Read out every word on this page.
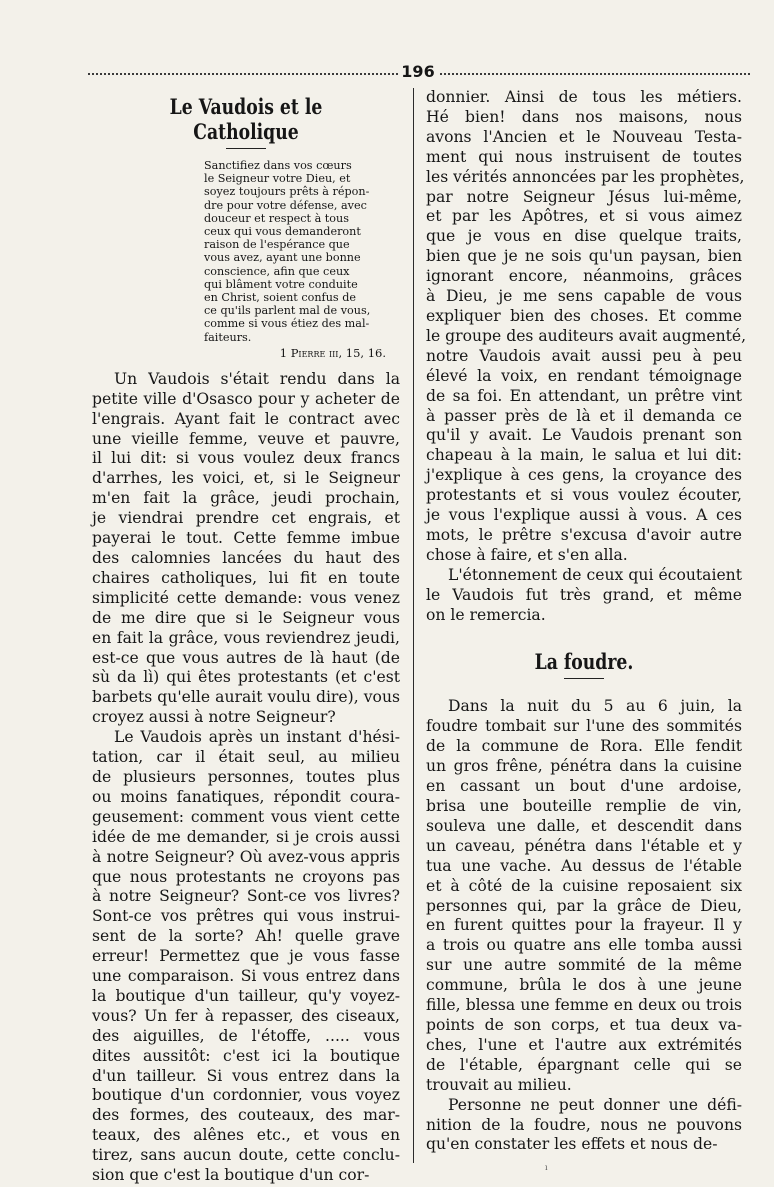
196
Le Vaudois et le Catholique
Sanctifiez dans vos cœurs
le Seigneur votre Dieu, et
soyez toujours prêts à répon-
dre pour votre défense, avec
douceur et respect à tous
ceux qui vous demanderont
raison de l'espérance que
vous avez, ayant une bonne
conscience, afin que ceux
qui blâment votre conduite
en Christ, soient confus de
ce qu'ils parlent mal de vous,
comme si vous étiez des mal-
faiteurs.
1 Pierre iii, 15, 16.
Un Vaudois s'était rendu dans la
petite ville d'Osasco pour y acheter de
l'engrais. Ayant fait le contract avec
une vieille femme, veuve et pauvre,
il lui dit: si vous voulez deux francs
d'arrhes, les voici, et, si le Seigneur
m'en fait la grâce, jeudi prochain,
je viendrai prendre cet engrais, et
payerai le tout. Cette femme imbue
des calomnies lancées du haut des
chaires catholiques, lui fit en toute
simplicité cette demande: vous venez
de me dire que si le Seigneur vous
en fait la grâce, vous reviendrez jeudi,
est-ce que vous autres de là haut (de
sù da lì) qui êtes protestants (et c'est
barbets qu'elle aurait voulu dire), vous
croyez aussi à notre Seigneur?
Le Vaudois après un instant d'hési-
tation, car il était seul, au milieu
de plusieurs personnes, toutes plus
ou moins fanatiques, répondit coura-
geusement: comment vous vient cette
idée de me demander, si je crois aussi
à notre Seigneur? Où avez-vous appris
que nous protestants ne croyons pas
à notre Seigneur? Sont-ce vos livres?
Sont-ce vos prêtres qui vous instrui-
sent de la sorte? Ah! quelle grave
erreur! Permettez que je vous fasse
une comparaison. Si vous entrez dans
la boutique d'un tailleur, qu'y voyez-
vous? Un fer à repasser, des ciseaux,
des aiguilles, de l'étoffe, ..... vous
dites aussitôt: c'est ici la boutique
d'un tailleur. Si vous entrez dans la
boutique d'un cordonnier, vous voyez
des formes, des couteaux, des mar-
teaux, des alênes etc., et vous en
tirez, sans aucun doute, cette conclu-
sion que c'est la boutique d'un cor-
donnier. Ainsi de tous les métiers.
Hé bien! dans nos maisons, nous
avons l'Ancien et le Nouveau Testa-
ment qui nous instruisent de toutes
les vérités annoncées par les prophètes,
par notre Seigneur Jésus lui-même,
et par les Apôtres, et si vous aimez
que je vous en dise quelque traits,
bien que je ne sois qu'un paysan, bien
ignorant encore, néanmoins, grâces
à Dieu, je me sens capable de vous
expliquer bien des choses. Et comme
le groupe des auditeurs avait augmenté,
notre Vaudois avait aussi peu à peu
élevé la voix, en rendant témoignage
de sa foi. En attendant, un prêtre vint
à passer près de là et il demanda ce
qu'il y avait. Le Vaudois prenant son
chapeau à la main, le salua et lui dit:
j'explique à ces gens, la croyance des
protestants et si vous voulez écouter,
je vous l'explique aussi à vous. A ces
mots, le prêtre s'excusa d'avoir autre
chose à faire, et s'en alla.
L'étonnement de ceux qui écoutaient
le Vaudois fut très grand, et même
on le remercia.
La foudre.
Dans la nuit du 5 au 6 juin, la
foudre tombait sur l'une des sommités
de la commune de Rora. Elle fendit
un gros frêne, pénétra dans la cuisine
en cassant un bout d'une ardoise,
brisa une bouteille remplie de vin,
souleva une dalle, et descendit dans
un caveau, pénétra dans l'étable et y
tua une vache. Au dessus de l'étable
et à côté de la cuisine reposaient six
personnes qui, par la grâce de Dieu,
en furent quittes pour la frayeur. Il y
a trois ou quatre ans elle tomba aussi
sur une autre sommité de la même
commune, brûla le dos à une jeune
fille, blessa une femme en deux ou trois
points de son corps, et tua deux va-
ches, l'une et l'autre aux extrémités
de l'étable, épargnant celle qui se
trouvait au milieu.
Personne ne peut donner une défi-
nition de la foudre, nous ne pouvons
qu'en constater les effets et nous de-
ı
